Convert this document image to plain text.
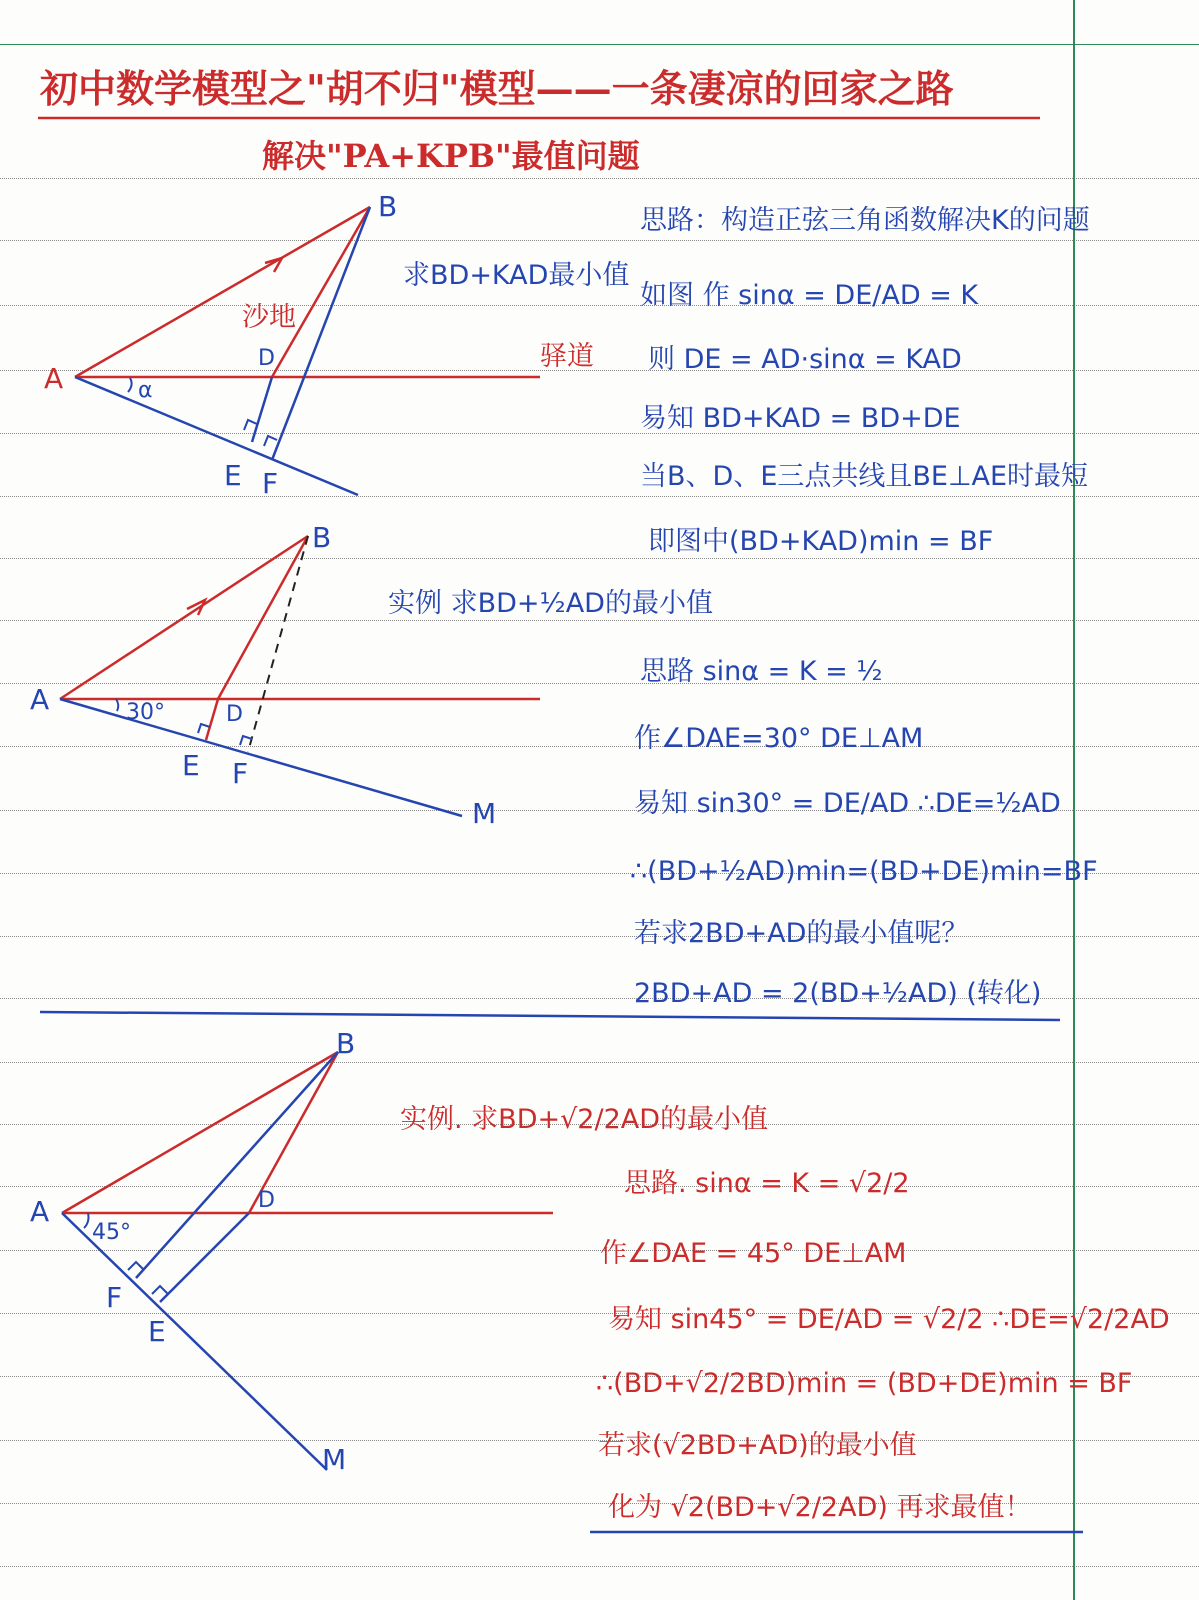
初中数学模型之"胡不归"模型——一条凄凉的回家之路
解决"PA+KPB"最值问题
A
B
D
E F
α
沙地
驿道
求BD+KAD最小值
思路：构造正弦三角函数解决K的问题
如图 作 sinα = DE/AD = K
则 DE = AD·sinα = KAD
易知 BD+KAD = BD+DE
当B、D、E三点共线且BE⊥AE时最短
即图中(BD+KAD)min = BF
A
B
D
E F
M
30°
实例 求BD+½AD的最小值
思路 sinα = K = ½
作∠DAE=30° DE⊥AM
易知 sin30° = DE/AD ∴DE=½AD
∴(BD+½AD)min=(BD+DE)min=BF
若求2BD+AD的最小值呢？
2BD+AD = 2(BD+½AD) (转化)
A
B
D
E
F
M
45°
实例. 求BD+√2/2AD的最小值
思路. sinα = K = √2/2
作∠DAE = 45° DE⊥AM
易知 sin45° = DE/AD = √2/2 ∴DE=√2/2AD
∴(BD+√2/2BD)min = (BD+DE)min = BF
若求(√2BD+AD)的最小值
化为 √2(BD+√2/2AD) 再求最值！
